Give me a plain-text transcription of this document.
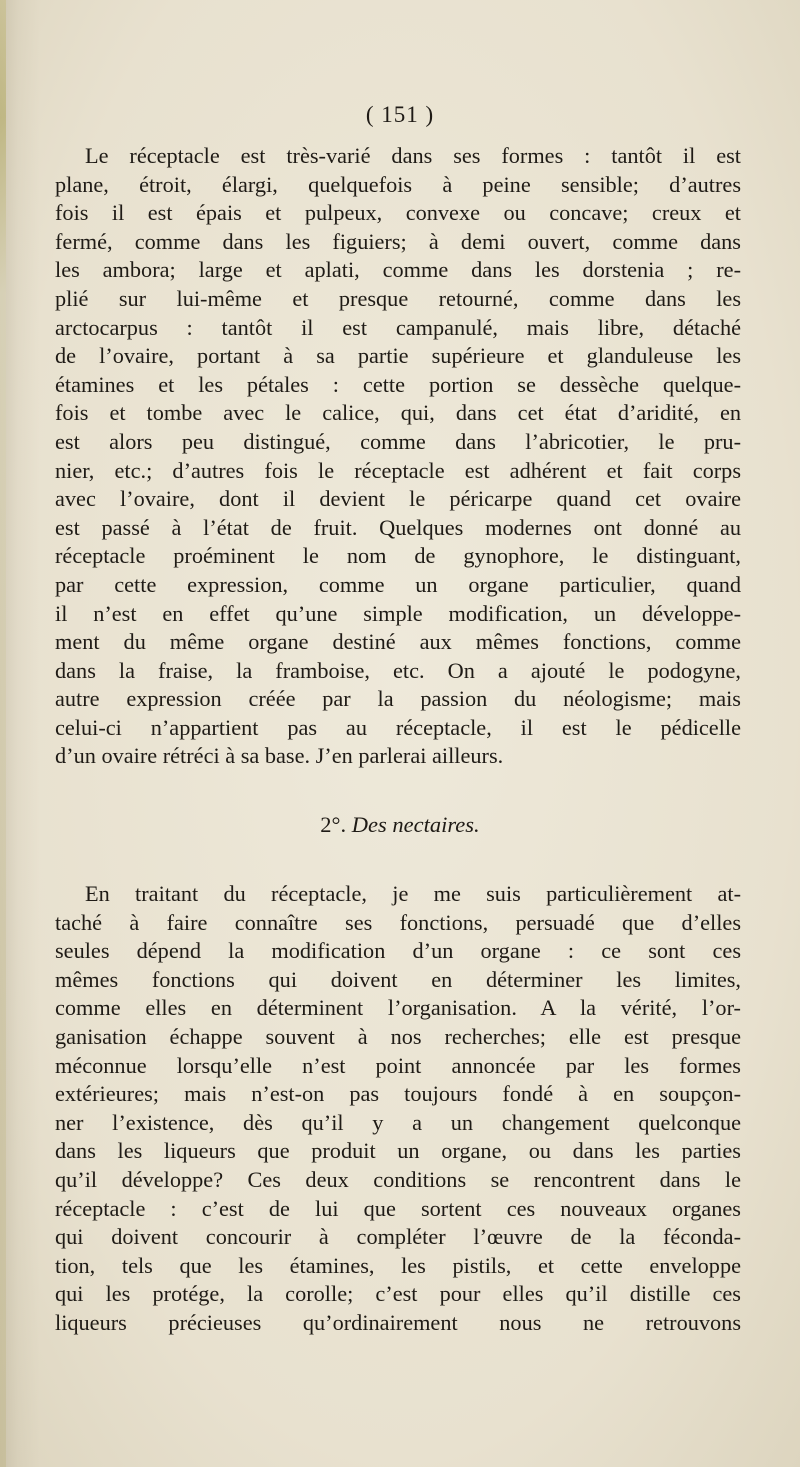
( 151 )
Le réceptacle est très-varié dans ses formes : tantôt il est
plane, étroit, élargi, quelquefois à peine sensible; d’autres
fois il est épais et pulpeux, convexe ou concave; creux et
fermé, comme dans les figuiers; à demi ouvert, comme dans
les ambora; large et aplati, comme dans les dorstenia ; re-
plié sur lui-même et presque retourné, comme dans les
arctocarpus : tantôt il est campanulé, mais libre, détaché
de l’ovaire, portant à sa partie supérieure et glanduleuse les
étamines et les pétales : cette portion se dessèche quelque-
fois et tombe avec le calice, qui, dans cet état d’aridité, en
est alors peu distingué, comme dans l’abricotier, le pru-
nier, etc.; d’autres fois le réceptacle est adhérent et fait corps
avec l’ovaire, dont il devient le péricarpe quand cet ovaire
est passé à l’état de fruit. Quelques modernes ont donné au
réceptacle proéminent le nom de gynophore, le distinguant,
par cette expression, comme un organe particulier, quand
il n’est en effet qu’une simple modification, un développe-
ment du même organe destiné aux mêmes fonctions, comme
dans la fraise, la framboise, etc. On a ajouté le podogyne,
autre expression créée par la passion du néologisme; mais
celui-ci n’appartient pas au réceptacle, il est le pédicelle
d’un ovaire rétréci à sa base. J’en parlerai ailleurs.
2°. Des nectaires.
En traitant du réceptacle, je me suis particulièrement at-
taché à faire connaître ses fonctions, persuadé que d’elles
seules dépend la modification d’un organe : ce sont ces
mêmes fonctions qui doivent en déterminer les limites,
comme elles en déterminent l’organisation. A la vérité, l’or-
ganisation échappe souvent à nos recherches; elle est presque
méconnue lorsqu’elle n’est point annoncée par les formes
extérieures; mais n’est-on pas toujours fondé à en soupçon-
ner l’existence, dès qu’il y a un changement quelconque
dans les liqueurs que produit un organe, ou dans les parties
qu’il développe? Ces deux conditions se rencontrent dans le
réceptacle : c’est de lui que sortent ces nouveaux organes
qui doivent concourir à compléter l’œuvre de la féconda-
tion, tels que les étamines, les pistils, et cette enveloppe
qui les protége, la corolle; c’est pour elles qu’il distille ces
liqueurs précieuses qu’ordinairement nous ne retrouvons
